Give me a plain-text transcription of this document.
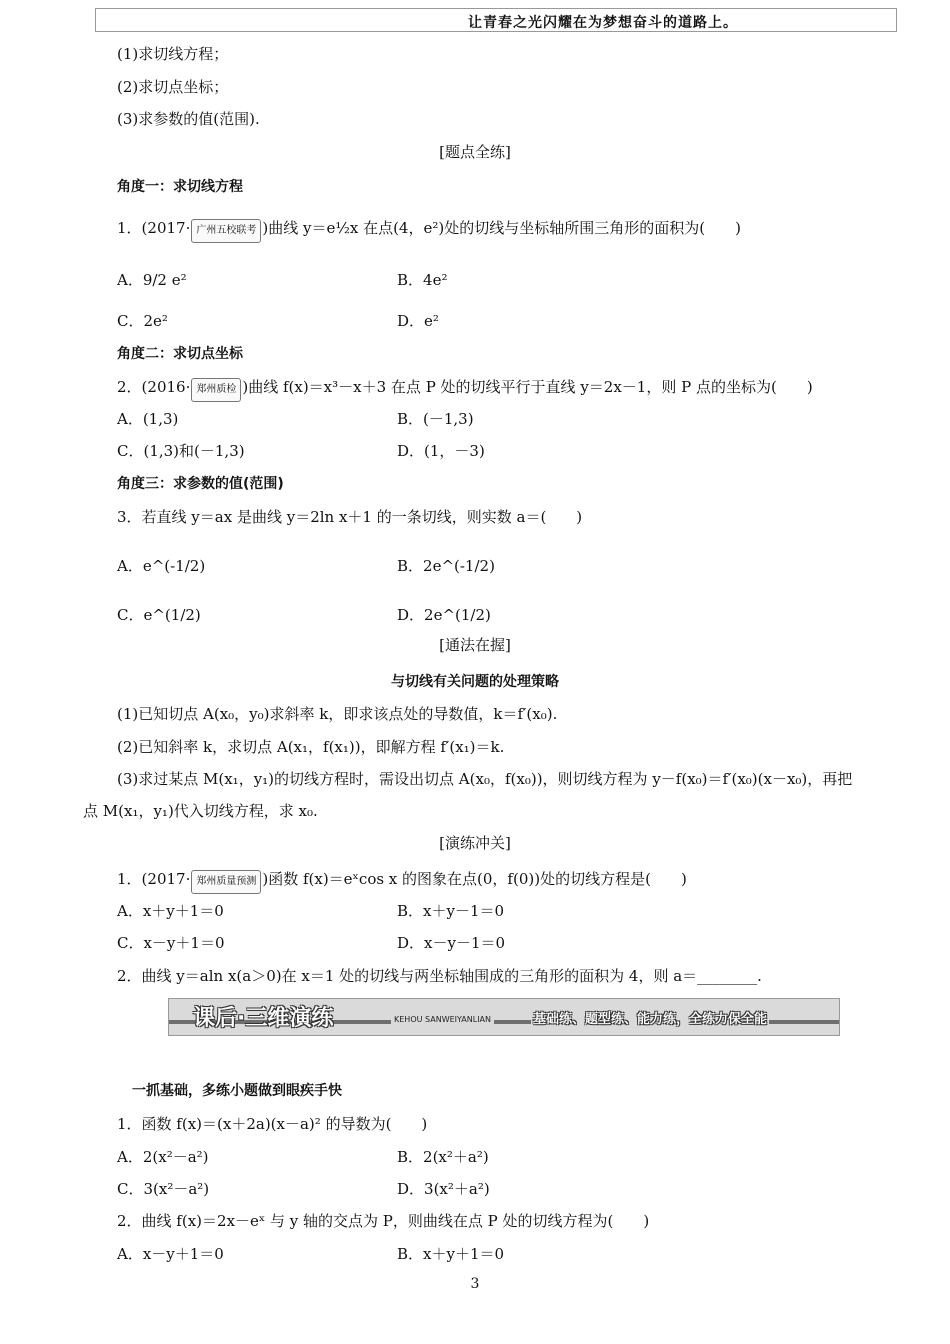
让青春之光闪耀在为梦想奋斗的道路上。
(1)求切线方程；
(2)求切点坐标；
(3)求参数的值(范围).
[题点全练]
角度一：求切线方程
1．(2017· 广州五校联考 )曲线 y＝e½x 在点(4，e²)处的切线与坐标轴所围三角形的面积为(　　)
A．9/2 e²	B．4e²
C．2e²	D．e²
角度二：求切点坐标
2．(2016· 郑州质检 )曲线 f(x)＝x³－x＋3 在点 P 处的切线平行于直线 y＝2x－1，则 P 点的坐标为(　　)
A．(1,3)	B．(－1,3)
C．(1,3)和(－1,3)	D．(1，－3)
角度三：求参数的值(范围)
3．若直线 y＝ax 是曲线 y＝2ln x＋1 的一条切线，则实数 a＝(　　)
A．e^(-1/2)	B．2e^(-1/2)
C．e^(1/2)	D．2e^(1/2)
[通法在握]
与切线有关问题的处理策略
(1)已知切点 A(x₀，y₀)求斜率 k，即求该点处的导数值，k＝f′(x₀).
(2)已知斜率 k，求切点 A(x₁，f(x₁))，即解方程 f′(x₁)＝k.
(3)求过某点 M(x₁，y₁)的切线方程时，需设出切点 A(x₀，f(x₀))，则切线方程为 y－f(x₀)＝f′(x₀)(x－x₀)，再把
点 M(x₁，y₁)代入切线方程，求 x₀.
[演练冲关]
1．(2017· 郑州质量预测 )函数 f(x)＝eˣcos x 的图象在点(0，f(0))处的切线方程是(　　)
A．x＋y＋1＝0	B．x＋y－1＝0
C．x－y＋1＝0	D．x－y－1＝0
2．曲线 y＝aln x(a＞0)在 x＝1 处的切线与两坐标轴围成的三角形的面积为 4，则 a＝________.
课后·三维演练	KEHOU SANWEIYANLIAN	基础练、题型练、能力练，全练力保全能
一抓基础，多练小题做到眼疾手快
1．函数 f(x)＝(x＋2a)(x－a)² 的导数为(　　)
A．2(x²－a²)	B．2(x²＋a²)
C．3(x²－a²)	D．3(x²＋a²)
2．曲线 f(x)＝2x－eˣ 与 y 轴的交点为 P，则曲线在点 P 处的切线方程为(　　)
A．x－y＋1＝0	B．x＋y＋1＝0
3
